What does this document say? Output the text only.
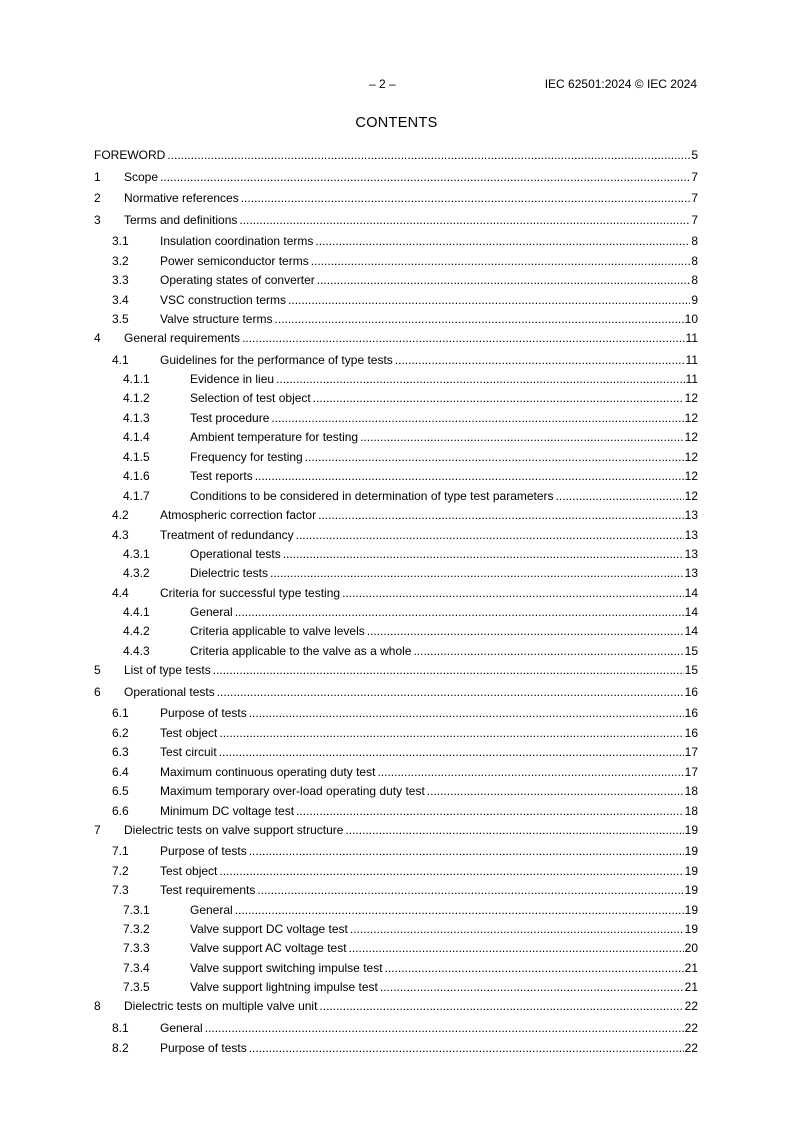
– 2 –	IEC 62501:2024 © IEC 2024
CONTENTS
FOREWORD .....	5
1	Scope .....	7
2	Normative references .....	7
3	Terms and definitions .....	7
3.1	Insulation coordination terms .....	8
3.2	Power semiconductor terms .....	8
3.3	Operating states of converter .....	8
3.4	VSC construction terms .....	9
3.5	Valve structure terms .....	10
4	General requirements .....	11
4.1	Guidelines for the performance of type tests .....	11
4.1.1	Evidence in lieu .....	11
4.1.2	Selection of test object .....	12
4.1.3	Test procedure .....	12
4.1.4	Ambient temperature for testing .....	12
4.1.5	Frequency for testing .....	12
4.1.6	Test reports .....	12
4.1.7	Conditions to be considered in determination of type test parameters .....	12
4.2	Atmospheric correction factor .....	13
4.3	Treatment of redundancy .....	13
4.3.1	Operational tests .....	13
4.3.2	Dielectric tests .....	13
4.4	Criteria for successful type testing .....	14
4.4.1	General .....	14
4.4.2	Criteria applicable to valve levels .....	14
4.4.3	Criteria applicable to the valve as a whole .....	15
5	List of type tests .....	15
6	Operational tests .....	16
6.1	Purpose of tests .....	16
6.2	Test object .....	16
6.3	Test circuit .....	17
6.4	Maximum continuous operating duty test .....	17
6.5	Maximum temporary over-load operating duty test .....	18
6.6	Minimum DC voltage test .....	18
7	Dielectric tests on valve support structure .....	19
7.1	Purpose of tests .....	19
7.2	Test object .....	19
7.3	Test requirements .....	19
7.3.1	General .....	19
7.3.2	Valve support DC voltage test .....	19
7.3.3	Valve support AC voltage test .....	20
7.3.4	Valve support switching impulse test .....	21
7.3.5	Valve support lightning impulse test .....	21
8	Dielectric tests on multiple valve unit .....	22
8.1	General .....	22
8.2	Purpose of tests .....	22
